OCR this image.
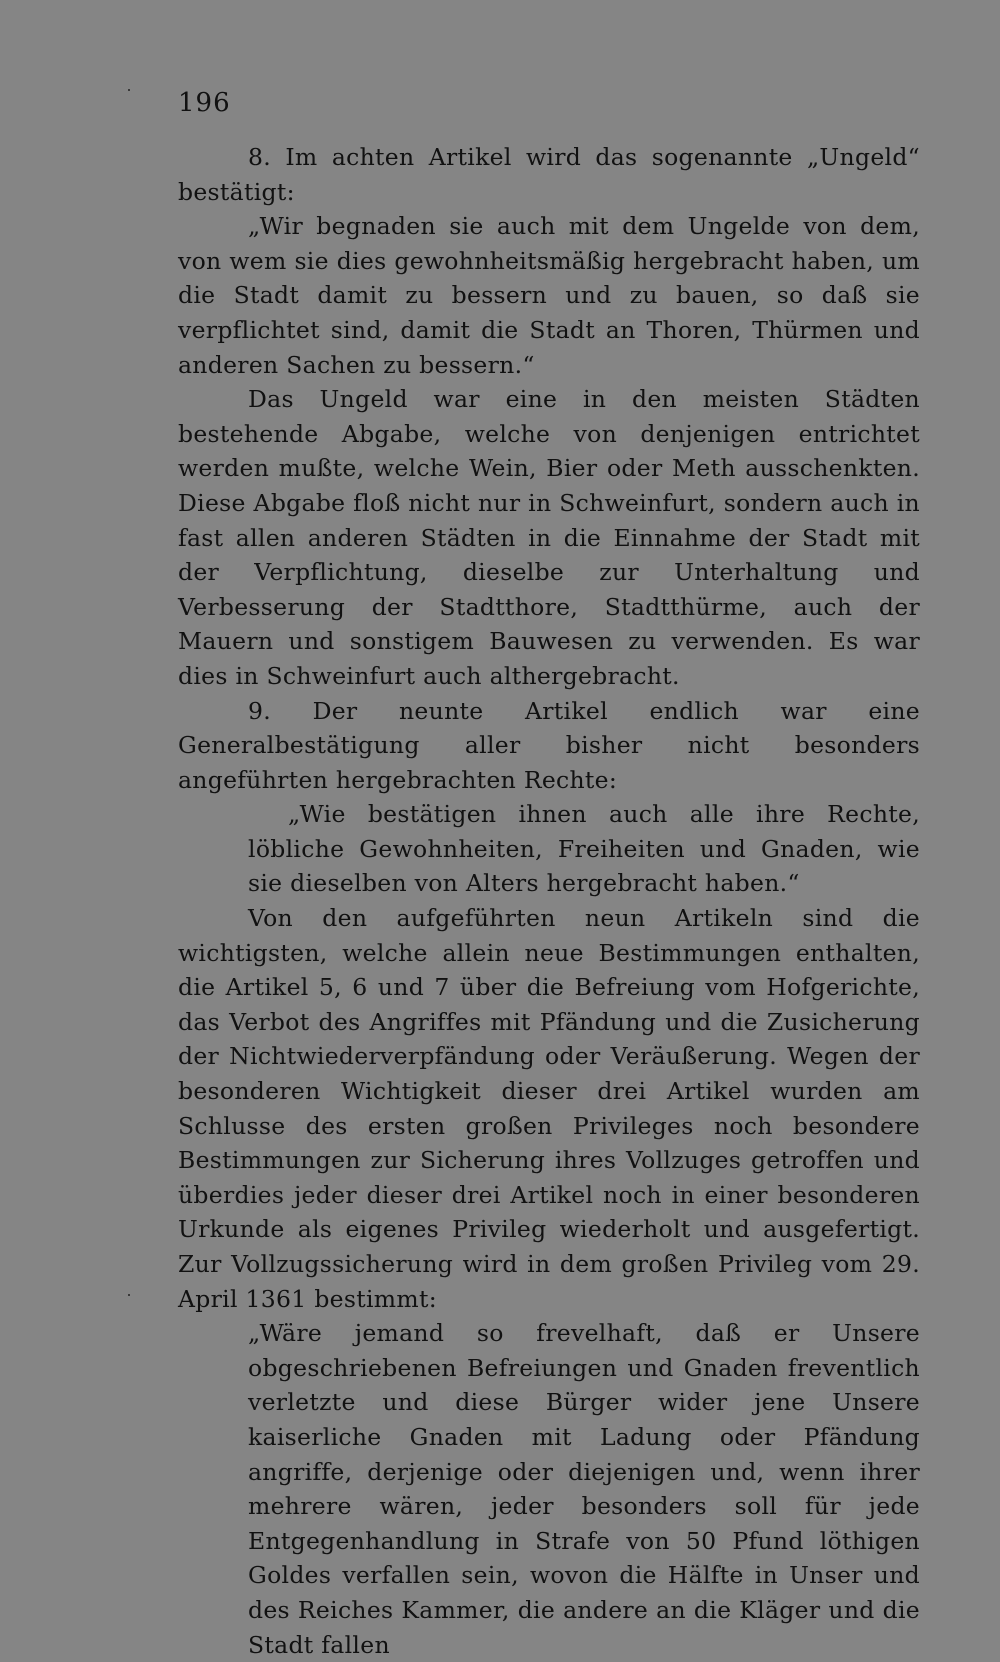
196

8. Im achten Artikel wird das sogenannte „Ungeld“ bestätigt:

„Wir begnaden sie auch mit dem Ungelde von dem, von wem sie dies gewohnheitsmäßig hergebracht haben, um die Stadt damit zu bessern und zu bauen, so daß sie verpflichtet sind, damit die Stadt an Thoren, Thürmen und anderen Sachen zu bessern.“

Das Ungeld war eine in den meisten Städten bestehende Abgabe, welche von denjenigen entrichtet werden mußte, welche Wein, Bier oder Meth ausschenkten. Diese Abgabe floß nicht nur in Schweinfurt, sondern auch in fast allen anderen Städten in die Einnahme der Stadt mit der Verpflichtung, dieselbe zur Unterhaltung und Verbesserung der Stadtthore, Stadtthürme, auch der Mauern und sonstigem Bauwesen zu verwenden. Es war dies in Schweinfurt auch althergebracht.

9. Der neunte Artikel endlich war eine Generalbestätigung aller bisher nicht besonders angeführten hergebrachten Rechte:

„Wie bestätigen ihnen auch alle ihre Rechte, löbliche Gewohnheiten, Freiheiten und Gnaden, wie sie dieselben von Alters hergebracht haben.“

Von den aufgeführten neun Artikeln sind die wichtigsten, welche allein neue Bestimmungen enthalten, die Artikel 5, 6 und 7 über die Befreiung vom Hofgerichte, das Verbot des Angriffes mit Pfändung und die Zusicherung der Nichtwiederverpfändung oder Veräußerung. Wegen der besonderen Wichtigkeit dieser drei Artikel wurden am Schlusse des ersten großen Privileges noch besondere Bestimmungen zur Sicherung ihres Vollzuges getroffen und überdies jeder dieser drei Artikel noch in einer besonderen Urkunde als eigenes Privileg wiederholt und ausgefertigt. Zur Vollzugssicherung wird in dem großen Privileg vom 29. April 1361 bestimmt:

„Wäre jemand so frevelhaft, daß er Unsere obgeschriebenen Befreiungen und Gnaden freventlich verletzte und diese Bürger wider jene Unsere kaiserliche Gnaden mit Ladung oder Pfändung angriffe, derjenige oder diejenigen und, wenn ihrer mehrere wären, jeder besonders soll für jede Entgegenhandlung in Strafe von 50 Pfund löthigen Goldes verfallen sein, wovon die Hälfte in Unser und des Reiches Kammer, die andere an die Kläger und die Stadt fallen
